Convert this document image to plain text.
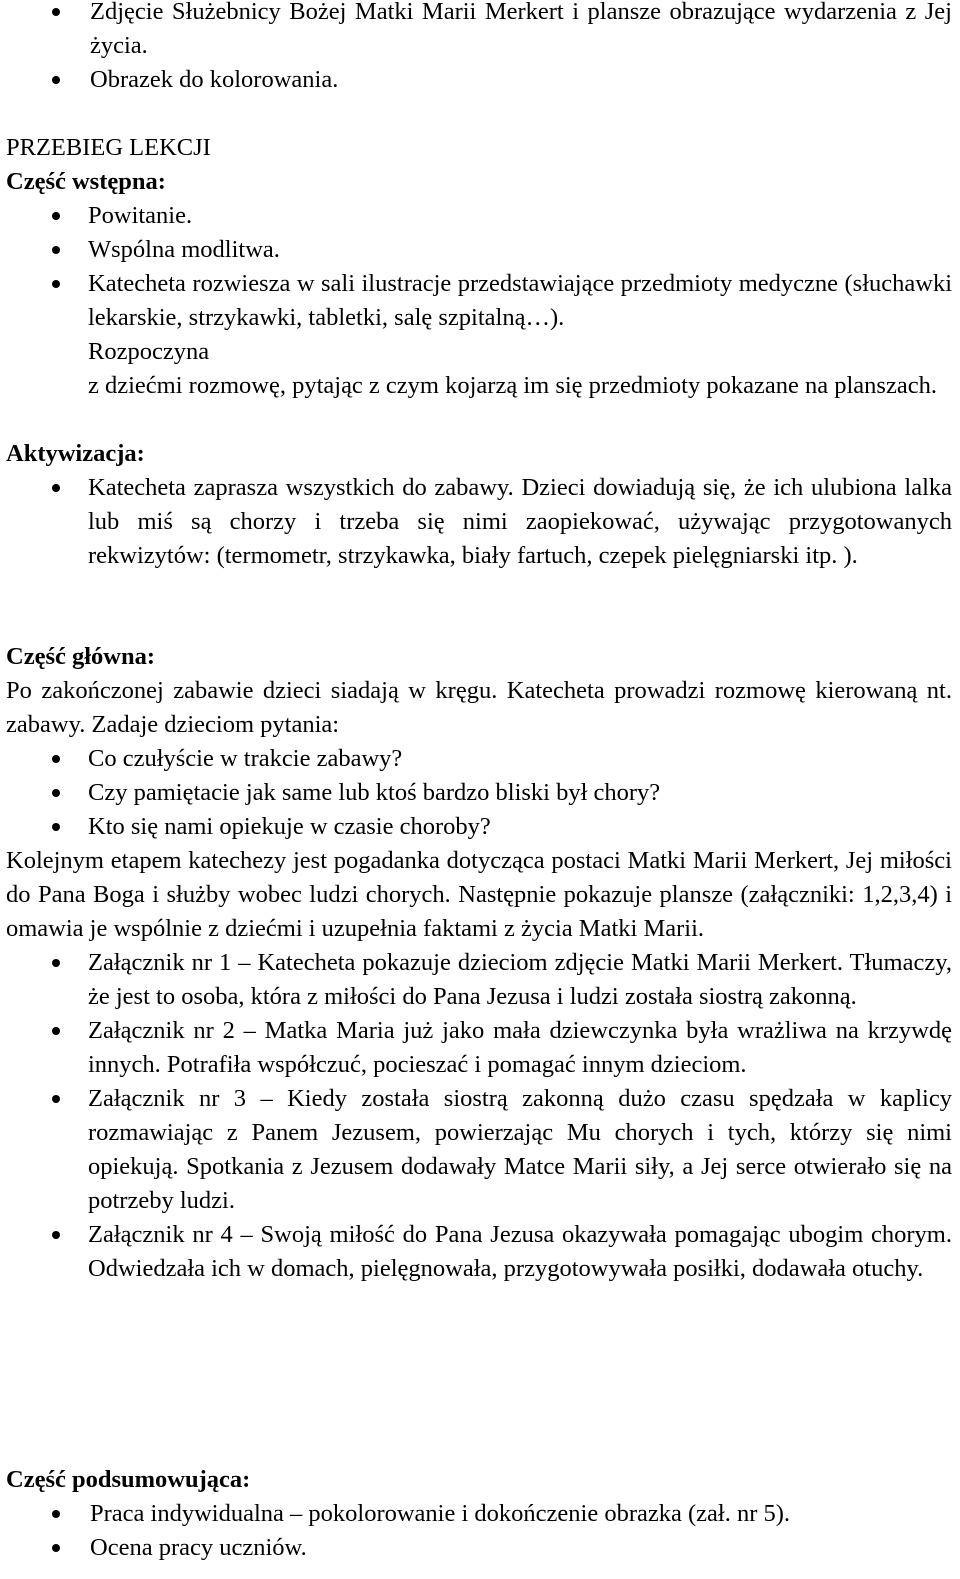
Zdjęcie Służebnicy Bożej Matki Marii Merkert i plansze obrazujące wydarzenia z Jej życia.
Obrazek do kolorowania.

PRZEBIEG LEKCJI

Część wstępna:

Powitanie.
Wspólna modlitwa.
Katecheta rozwiesza w sali ilustracje przedstawiające przedmioty medyczne (słuchawki lekarskie, strzykawki, tabletki, salę szpitalną…).
Rozpoczyna
z dziećmi rozmowę, pytając z czym kojarzą im się przedmioty pokazane na planszach.

Aktywizacja:

Katecheta zaprasza wszystkich do zabawy. Dzieci dowiadują się, że ich ulubiona lalka lub miś są chorzy i trzeba się nimi zaopiekować, używając przygotowanych rekwizytów: (termometr, strzykawka, biały fartuch, czepek pielęgniarski itp. ).

Część główna:

Po zakończonej zabawie dzieci siadają w kręgu. Katecheta prowadzi rozmowę kierowaną nt. zabawy. Zadaje dzieciom pytania:

Co czułyście w trakcie zabawy?
Czy pamiętacie jak same lub ktoś bardzo bliski był chory?
Kto się nami opiekuje w czasie choroby?

Kolejnym etapem katechezy jest pogadanka dotycząca postaci Matki Marii Merkert, Jej miłości do Pana Boga i służby wobec ludzi chorych. Następnie pokazuje plansze (załączniki: 1,2,3,4) i omawia je wspólnie z dziećmi i uzupełnia faktami z życia Matki Marii.

Załącznik nr 1 – Katecheta pokazuje dzieciom zdjęcie Matki Marii Merkert. Tłumaczy, że jest to osoba, która z miłości do Pana Jezusa i ludzi została siostrą zakonną.
Załącznik nr 2 – Matka Maria już jako mała dziewczynka była wrażliwa na krzywdę innych. Potrafiła współczuć, pocieszać i pomagać innym dzieciom.
Załącznik nr 3 – Kiedy została siostrą zakonną dużo czasu spędzała w kaplicy rozmawiając z Panem Jezusem, powierzając Mu chorych i tych, którzy się nimi opiekują. Spotkania z Jezusem dodawały Matce Marii siły, a Jej serce otwierało się na potrzeby ludzi.
Załącznik nr 4 – Swoją miłość do Pana Jezusa okazywała pomagając ubogim chorym. Odwiedzała ich w domach, pielęgnowała, przygotowywała posiłki, dodawała otuchy.

Część podsumowująca:

Praca indywidualna – pokolorowanie i dokończenie obrazka (zał. nr 5).
Ocena pracy uczniów.
